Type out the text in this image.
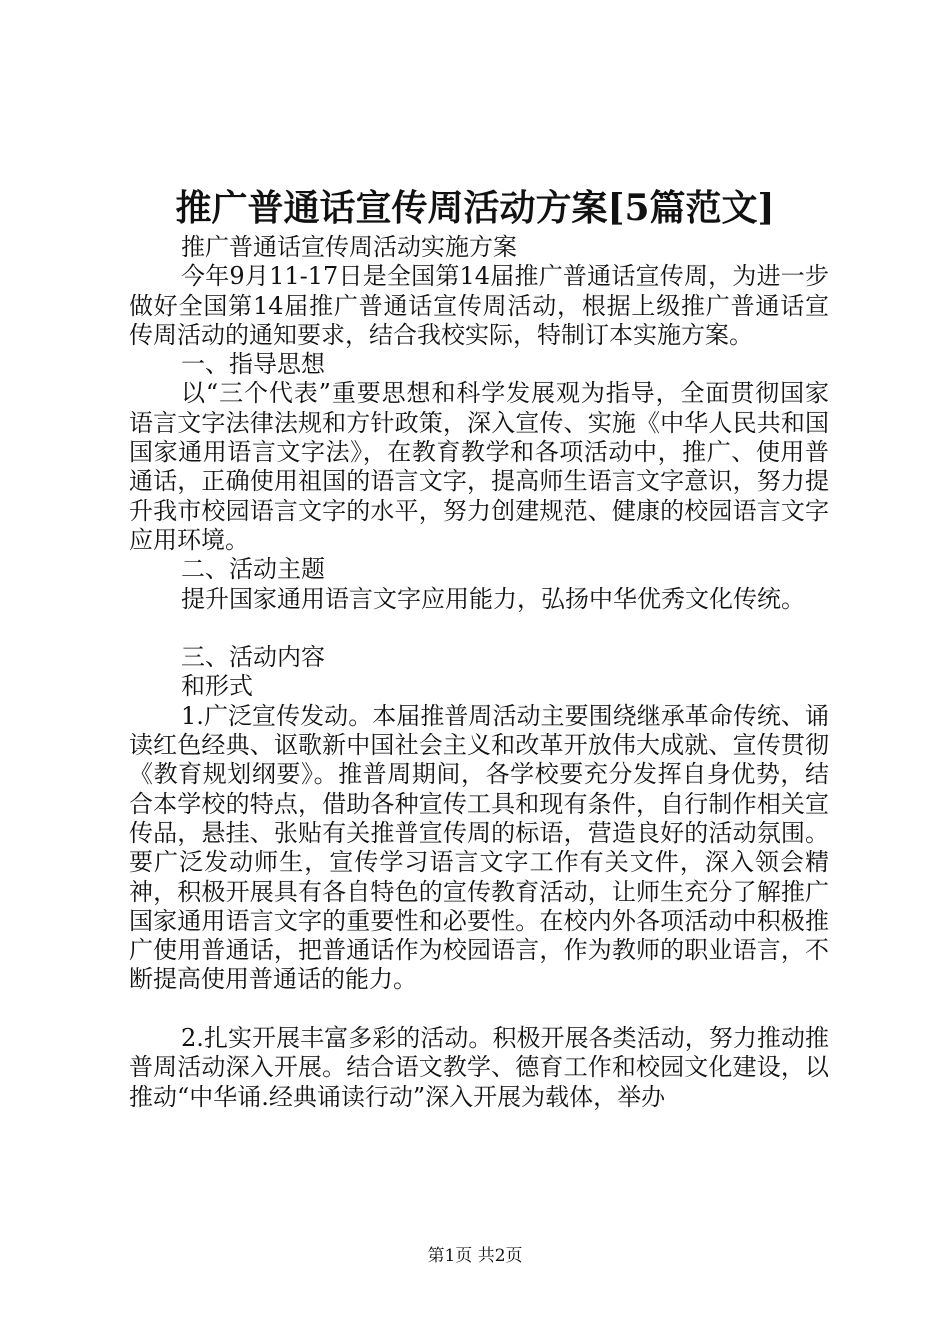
推广普通话宣传周活动方案[5篇范文]

推广普通话宣传周活动实施方案

今年9月11-17日是全国第14届推广普通话宣传周，为进一步做好全国第14届推广普通话宣传周活动，根据上级推广普通话宣传周活动的通知要求，结合我校实际，特制订本实施方案。

一、指导思想

以“三个代表”重要思想和科学发展观为指导，全面贯彻国家语言文字法律法规和方针政策，深入宣传、实施《中华人民共和国国家通用语言文字法》，在教育教学和各项活动中，推广、使用普通话，正确使用祖国的语言文字，提高师生语言文字意识，努力提升我市校园语言文字的水平，努力创建规范、健康的校园语言文字应用环境。

二、活动主题

提升国家通用语言文字应用能力，弘扬中华优秀文化传统。

三、活动内容

和形式

1.广泛宣传发动。本届推普周活动主要围绕继承革命传统、诵读红色经典、讴歌新中国社会主义和改革开放伟大成就、宣传贯彻《教育规划纲要》。推普周期间，各学校要充分发挥自身优势，结合本学校的特点，借助各种宣传工具和现有条件，自行制作相关宣传品，悬挂、张贴有关推普宣传周的标语，营造良好的活动氛围。要广泛发动师生，宣传学习语言文字工作有关文件，深入领会精神，积极开展具有各自特色的宣传教育活动，让师生充分了解推广国家通用语言文字的重要性和必要性。在校内外各项活动中积极推广使用普通话，把普通话作为校园语言，作为教师的职业语言，不断提高使用普通话的能力。

2.扎实开展丰富多彩的活动。积极开展各类活动，努力推动推普周活动深入开展。结合语文教学、德育工作和校园文化建设，以推动“中华诵.经典诵读行动”深入开展为载体，举办

第1页 共2页
